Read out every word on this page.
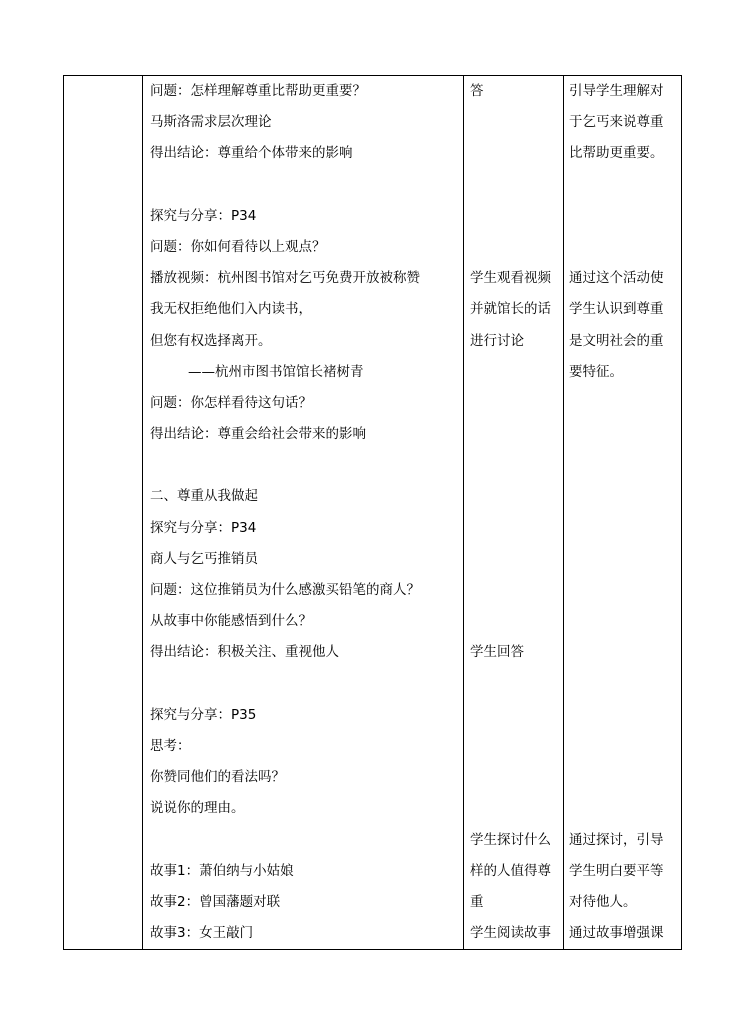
问题：怎样理解尊重比帮助更重要？
马斯洛需求层次理论
得出结论：尊重给个体带来的影响
探究与分享：P34
问题：你如何看待以上观点？
播放视频：杭州图书馆对乞丐免费开放被称赞
我无权拒绝他们入内读书，
但您有权选择离开。
——杭州市图书馆馆长褚树青
问题：你怎样看待这句话？
得出结论：尊重会给社会带来的影响
二、尊重从我做起
探究与分享：P34
商人与乞丐推销员
问题：这位推销员为什么感激买铅笔的商人？
从故事中你能感悟到什么？
得出结论：积极关注、重视他人
探究与分享：P35
思考：
你赞同他们的看法吗？
说说你的理由。
故事1：萧伯纳与小姑娘
故事2：曾国藩题对联
故事3：女王敲门
答
学生观看视频
并就馆长的话
进行讨论
学生回答
学生探讨什么
样的人值得尊
重
学生阅读故事
引导学生理解对
于乞丐来说尊重
比帮助更重要。
通过这个活动使
学生认识到尊重
是文明社会的重
要特征。
通过探讨，引导
学生明白要平等
对待他人。
通过故事增强课
